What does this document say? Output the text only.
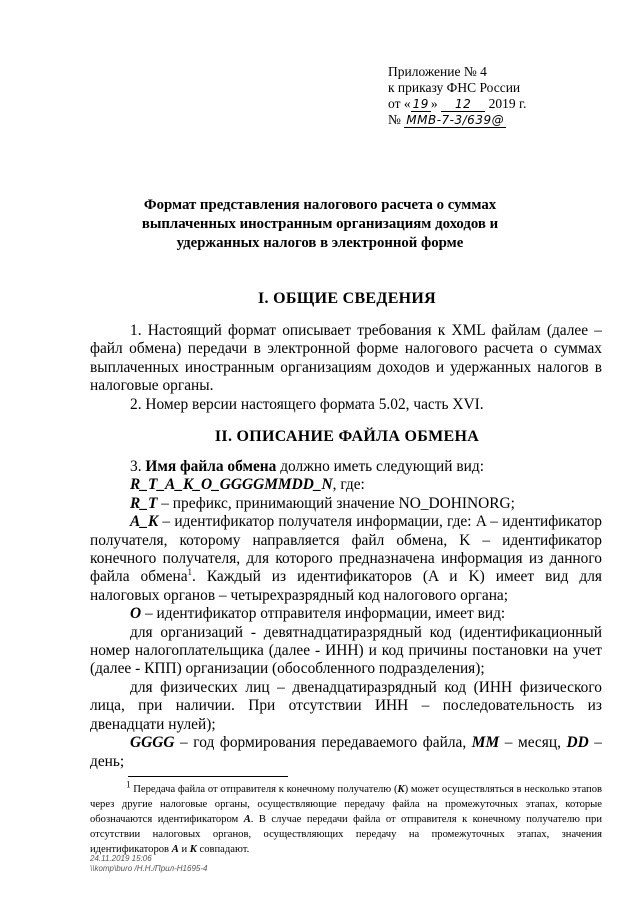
Приложение № 4
к приказу ФНС России
от « 19 » 12 2019 г.
№ ММВ-7-3/639@
Формат представления налогового расчета о суммах
выплаченных иностранным организациям доходов и
удержанных налогов в электронной форме
I. ОБЩИЕ СВЕДЕНИЯ

1. Настоящий формат описывает требования к XML файлам (далее – файл обмена) передачи в электронной форме налогового расчета о суммах выплаченных иностранным организациям доходов и удержанных налогов в налоговые органы.

2. Номер версии настоящего формата 5.02, часть XVI.

II. ОПИСАНИЕ ФАЙЛА ОБМЕНА

3. Имя файла обмена должно иметь следующий вид:

R_T_A_K_O_GGGGMMDD_N, где:

R_T – префикс, принимающий значение NO_DOHINORG;

A_K – идентификатор получателя информации, где: A – идентификатор получателя, которому направляется файл обмена, K – идентификатор конечного получателя, для которого предназначена информация из данного файла обмена$^1$. Каждый из идентификаторов (A и K) имеет вид для налоговых органов – четырехразрядный код налогового органа;

O – идентификатор отправителя информации, имеет вид:

для организаций - девятнадцатиразрядный код (идентификационный номер налогоплательщика (далее - ИНН) и код причины постановки на учет (далее - КПП) организации (обособленного подразделения);

для физических лиц – двенадцатиразрядный код (ИНН физического лица, при наличии. При отсутствии ИНН – последовательность из двенадцати нулей);

GGGG – год формирования передаваемого файла, MM – месяц, DD – день;

$^1$ Передача файла от отправителя к конечному получателю (K) может осуществляться в несколько этапов через другие налоговые органы, осуществляющие передачу файла на промежуточных этапах, которые обозначаются идентификатором A. В случае передачи файла от отправителя к конечному получателю при отсутствии налоговых органов, осуществляющих передачу на промежуточных этапах, значения идентификаторов A и K совпадают.
24.11.2019 15:06
\\komp\buro /Н.Н./Прил-Н1695-4
